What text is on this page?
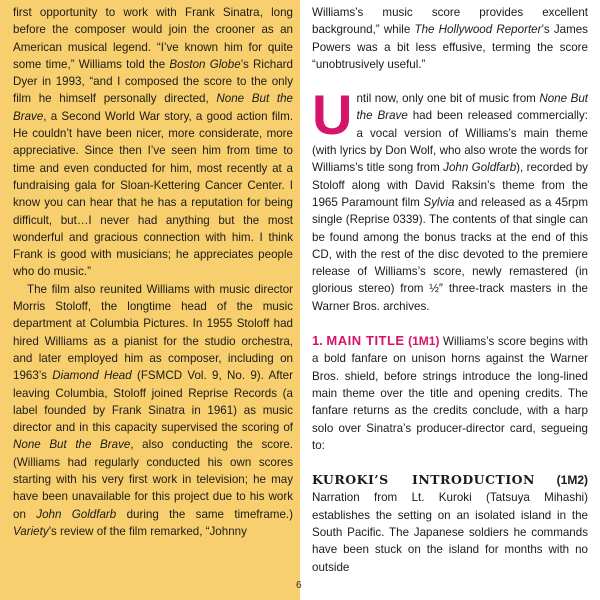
first opportunity to work with Frank Sinatra, long before the composer would join the crooner as an American musical legend. “I’ve known him for quite some time,” Williams told the Boston Globe’s Richard Dyer in 1993, “and I composed the score to the only film he himself personally directed, None But the Brave, a Second World War story, a good action film. He couldn’t have been nicer, more considerate, more appreciative. Since then I’ve seen him from time to time and even conducted for him, most recently at a fundraising gala for Sloan-Kettering Cancer Center. I know you can hear that he has a reputation for being difficult, but…I never had anything but the most wonderful and gracious connection with him. I think Frank is good with musicians; he appreciates people who do music.”

The film also reunited Williams with music director Morris Stoloff, the longtime head of the music department at Columbia Pictures. In 1955 Stoloff had hired Williams as a pianist for the studio orchestra, and later employed him as composer, including on 1963’s Diamond Head (FSMCD Vol. 9, No. 9). After leaving Columbia, Stoloff joined Reprise Records (a label founded by Frank Sinatra in 1961) as music director and in this capacity supervised the scoring of None But the Brave, also conducting the score. (Williams had regularly conducted his own scores starting with his very first work in television; he may have been unavailable for this project due to his work on John Goldfarb during the same timeframe.) Variety’s review of the film remarked, “Johnny

Williams’s music score provides excellent background,” while The Hollywood Reporter’s James Powers was a bit less effusive, terming the score “unobtrusively useful.”

Until now, only one bit of music from None But the Brave had been released commercially: a vocal version of Williams’s main theme (with lyrics by Don Wolf, who also wrote the words for Williams’s title song from John Goldfarb), recorded by Stoloff along with David Raksin’s theme from the 1965 Paramount film Sylvia and released as a 45rpm single (Reprise 0339). The contents of that single can be found among the bonus tracks at the end of this CD, with the rest of the disc devoted to the premiere release of Williams’s score, newly remastered (in glorious stereo) from ½″ three-track masters in the Warner Bros. archives.

1. MAIN TITLE (1M1) Williams’s score begins with a bold fanfare on unison horns against the Warner Bros. shield, before strings introduce the long-lined main theme over the title and opening credits. The fanfare returns as the credits conclude, with a harp solo over Sinatra’s producer-director card, segueing to:

KUROKI’S INTRODUCTION (1M2) Narration from Lt. Kuroki (Tatsuya Mihashi) establishes the setting on an isolated island in the South Pacific. The Japanese soldiers he commands have been stuck on the island for months with no outside

6
